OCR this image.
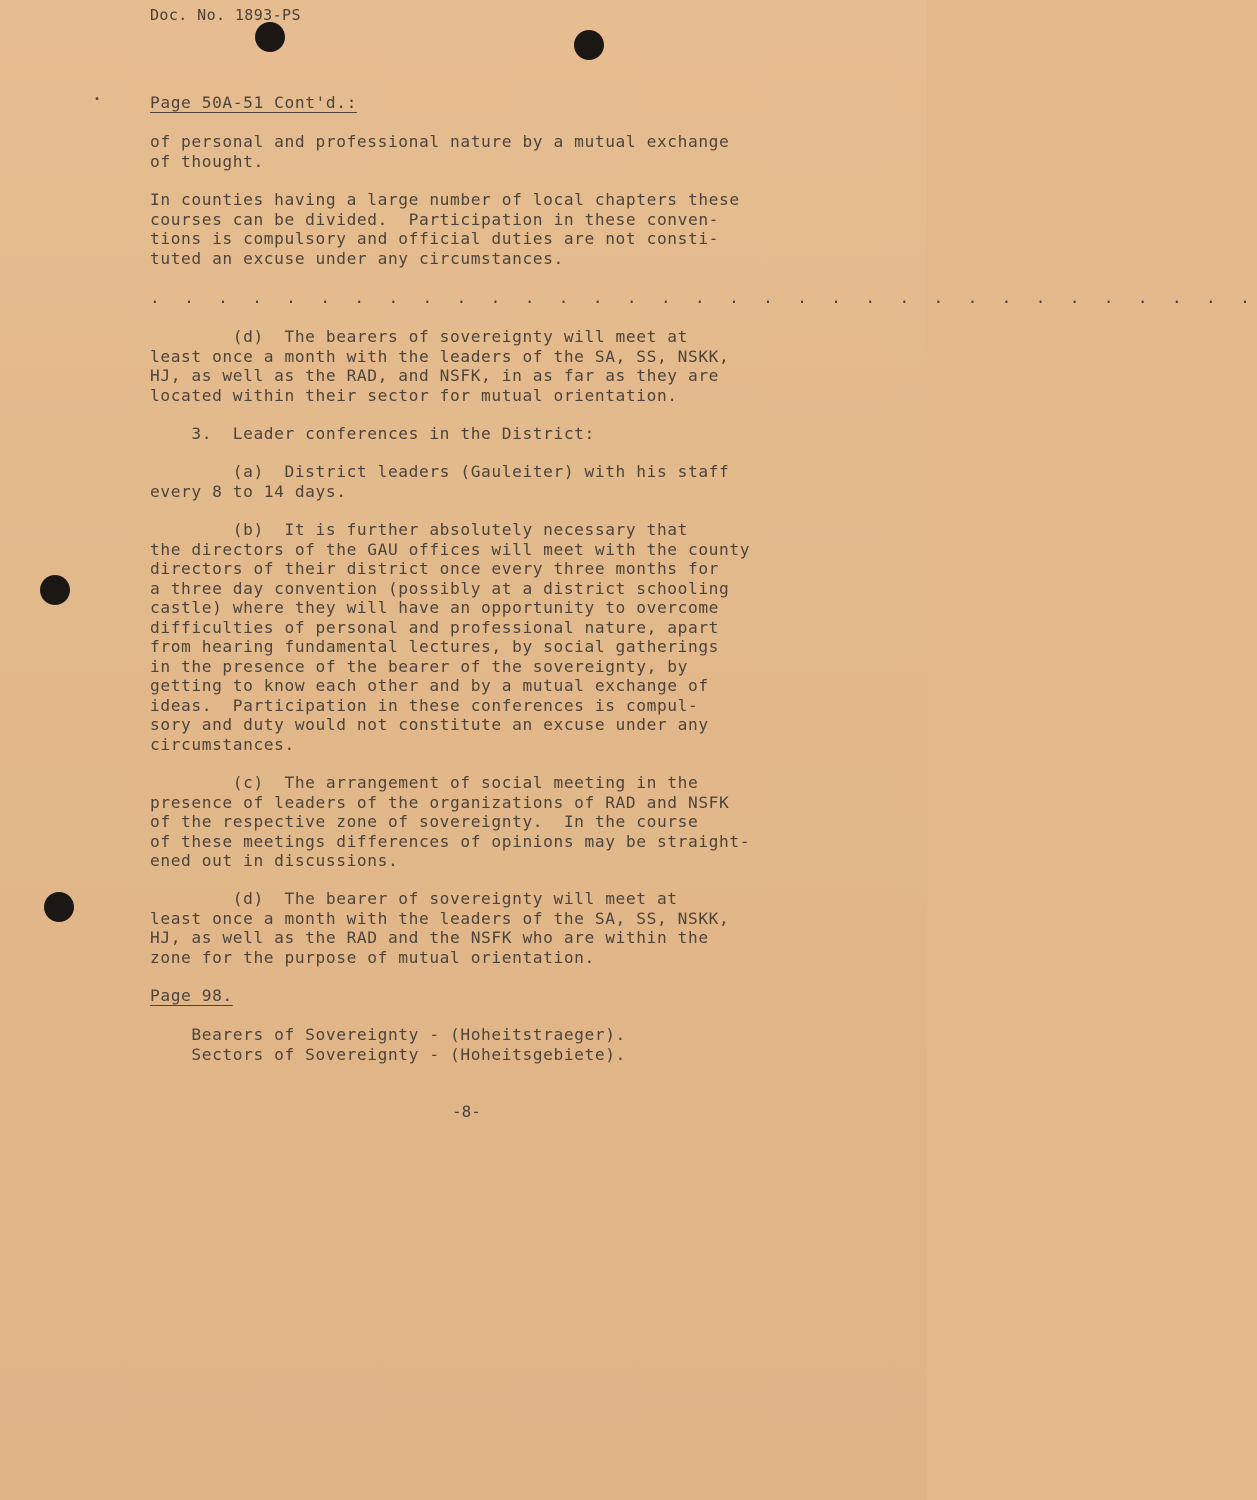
Doc. No. 1893-PS
•	Page 50A-51 Cont'd.:
of personal and professional nature by a mutual exchange
of thought.
In counties having a large number of local chapters these
courses can be divided.  Participation in these conven-
tions is compulsory and official duties are not consti-
tuted an excuse under any circumstances.
. . . . . . . . . . . . . . . . . . . . . . . . . . . . . . . . .
(d)  The bearers of sovereignty will meet at
least once a month with the leaders of the SA, SS, NSKK,
HJ, as well as the RAD, and NSFK, in as far as they are
located within their sector for mutual orientation.
3.  Leader conferences in the District:
(a)  District leaders (Gauleiter) with his staff
every 8 to 14 days.
(b)  It is further absolutely necessary that
the directors of the GAU offices will meet with the county
directors of their district once every three months for
a three day convention (possibly at a district schooling
castle) where they will have an opportunity to overcome
difficulties of personal and professional nature, apart
from hearing fundamental lectures, by social gatherings
in the presence of the bearer of the sovereignty, by
getting to know each other and by a mutual exchange of
ideas.  Participation in these conferences is compul-
sory and duty would not constitute an excuse under any
circumstances.
(c)  The arrangement of social meeting in the
presence of leaders of the organizations of RAD and NSFK
of the respective zone of sovereignty.  In the course
of these meetings differences of opinions may be straight-
ened out in discussions.
(d)  The bearer of sovereignty will meet at
least once a month with the leaders of the SA, SS, NSKK,
HJ, as well as the RAD and the NSFK who are within the
zone for the purpose of mutual orientation.
Page 98.
Bearers of Sovereignty - (Hoheitstraeger).
Sectors of Sovereignty - (Hoheitsgebiete).
-8-
